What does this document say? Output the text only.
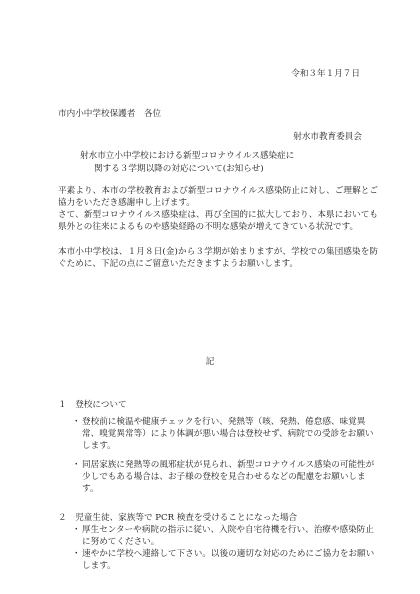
令和３年１月７日
市内小中学校保護者　各位
射水市教育委員会
射水市立小中学校における新型コロナウイルス感染症に
関する３学期以降の対応について(お知らせ)
平素より、本市の学校教育および新型コロナウイルス感染防止に対し、ご理解とご協力をいただき感謝申し上げます。
さて、新型コロナウイルス感染症は、再び全国的に拡大しており、本県においても県外との往来によるものや感染経路の不明な感染が増えてきている状況です。
本市小中学校は、１月８日(金)から３学期が始まりますが、学校での集団感染を防ぐために、下記の点にご留意いただきますようお願いします。
記
１　登校について
・ 登校前に検温や健康チェックを行い、発熱等（咳、発熱、倦怠感、味覚異常、嗅覚異常等）により体調が悪い場合は登校せず、病院での受診をお願いします。
・ 同居家族に発熱等の風邪症状が見られ、新型コロナウイルス感染の可能性が少しでもある場合は、お子様の登校を見合わせるなどの配慮をお願いします。
２　児童生徒、家族等で PCR 検査を受けることになった場合
・ 厚生センターや病院の指示に従い、入院や自宅待機を行い、治療や感染防止に努めてください。
・ 速やかに学校へ連絡して下さい。以後の適切な対応のためにご協力をお願いします。
